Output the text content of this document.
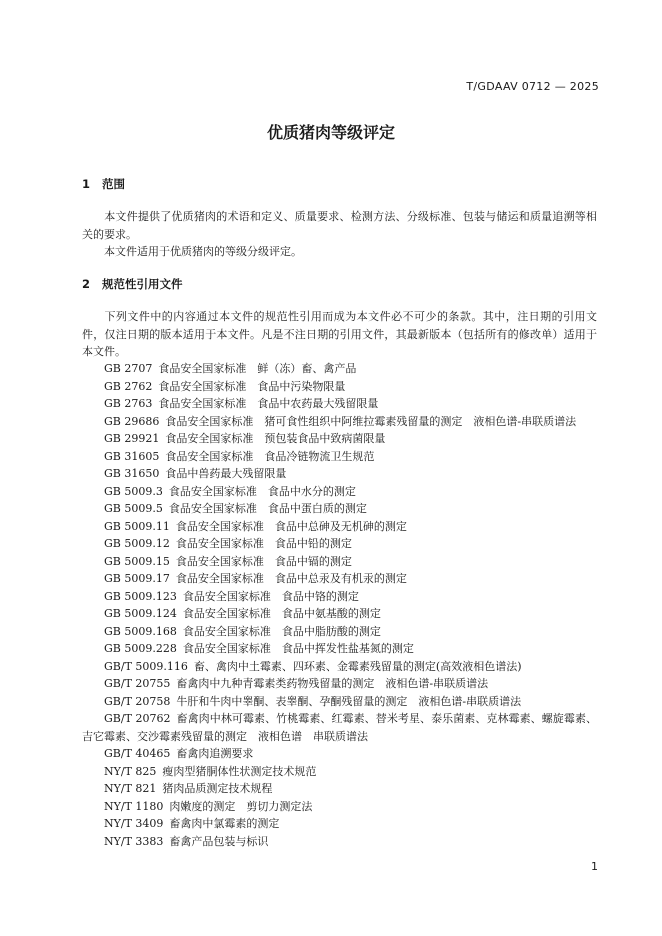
T/GDAAV 0712 — 2025
优质猪肉等级评定
1 范围
本文件提供了优质猪肉的术语和定义、质量要求、检测方法、分级标准、包装与储运和质量追溯等相关的要求。
本文件适用于优质猪肉的等级分级评定。
2 规范性引用文件
下列文件中的内容通过本文件的规范性引用而成为本文件必不可少的条款。其中，注日期的引用文件，仅注日期的版本适用于本文件。凡是不注日期的引用文件，其最新版本（包括所有的修改单）适用于本文件。
GB 2707 食品安全国家标准　鲜（冻）畜、禽产品
GB 2762 食品安全国家标准　食品中污染物限量
GB 2763 食品安全国家标准　食品中农药最大残留限量
GB 29686 食品安全国家标准　猪可食性组织中阿维拉霉素残留量的测定　液相色谱-串联质谱法
GB 29921 食品安全国家标准　预包装食品中致病菌限量
GB 31605 食品安全国家标准　食品冷链物流卫生规范
GB 31650 食品中兽药最大残留限量
GB 5009.3 食品安全国家标准　食品中水分的测定
GB 5009.5 食品安全国家标准　食品中蛋白质的测定
GB 5009.11 食品安全国家标准　食品中总砷及无机砷的测定
GB 5009.12 食品安全国家标准　食品中铅的测定
GB 5009.15 食品安全国家标准　食品中镉的测定
GB 5009.17 食品安全国家标准　食品中总汞及有机汞的测定
GB 5009.123 食品安全国家标准　食品中铬的测定
GB 5009.124 食品安全国家标准　食品中氨基酸的测定
GB 5009.168 食品安全国家标准　食品中脂肪酸的测定
GB 5009.228 食品安全国家标准　食品中挥发性盐基氮的测定
GB/T 5009.116 畜、禽肉中土霉素、四环素、金霉素残留量的测定(高效液相色谱法)
GB/T 20755 畜禽肉中九种青霉素类药物残留量的测定　液相色谱-串联质谱法
GB/T 20758 牛肝和牛肉中睾酮、表睾酮、孕酮残留量的测定　液相色谱-串联质谱法
GB/T 20762 畜禽肉中林可霉素、竹桃霉素、红霉素、替米考星、泰乐菌素、克林霉素、螺旋霉素、吉它霉素、交沙霉素残留量的测定　液相色谱　串联质谱法
GB/T 40465 畜禽肉追溯要求
NY/T 825 瘦肉型猪胴体性状测定技术规范
NY/T 821 猪肉品质测定技术规程
NY/T 1180 肉嫩度的测定　剪切力测定法
NY/T 3409 畜禽肉中氯霉素的测定
NY/T 3383 畜禽产品包装与标识
1
